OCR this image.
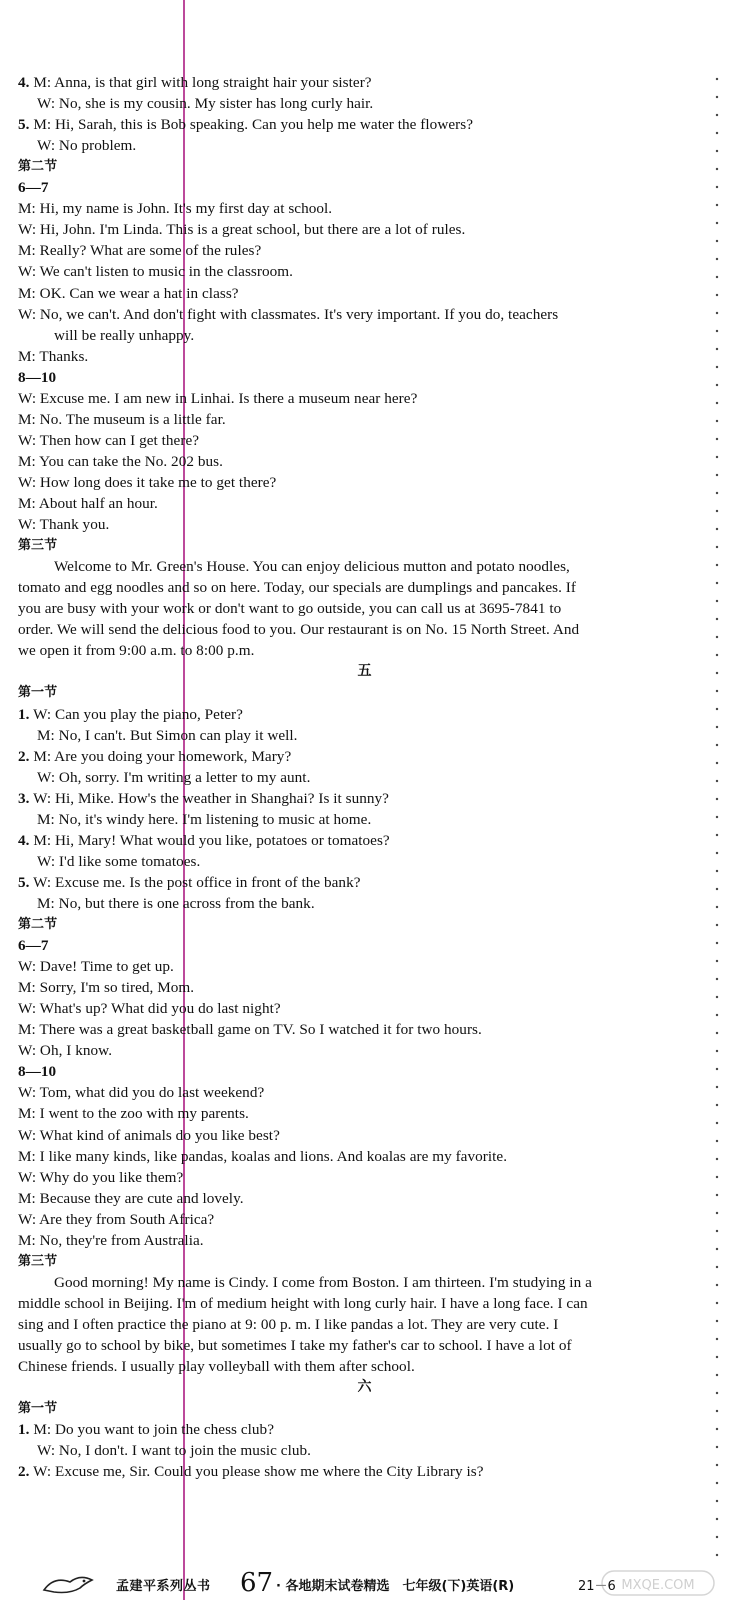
4. M: Anna, is that girl with long straight hair your sister?
W: No, she is my cousin. My sister has long curly hair.
5. M: Hi, Sarah, this is Bob speaking. Can you help me water the flowers?
W: No problem.
第二节
6—7
M: Hi, my name is John. It's my first day at school.
W: Hi, John. I'm Linda. This is a great school, but there are a lot of rules.
M: Really? What are some of the rules?
W: We can't listen to music in the classroom.
M: OK. Can we wear a hat in class?
W: No, we can't. And don't fight with classmates. It's very important. If you do, teachers
will be really unhappy.
M: Thanks.
8—10
W: Excuse me. I am new in Linhai. Is there a museum near here?
M: No. The museum is a little far.
W: Then how can I get there?
M: You can take the No. 202 bus.
W: How long does it take me to get there?
M: About half an hour.
W: Thank you.
第三节
Welcome to Mr. Green's House. You can enjoy delicious mutton and potato noodles,
tomato and egg noodles and so on here. Today, our specials are dumplings and pancakes. If
you are busy with your work or don't want to go outside, you can call us at 3695-7841 to
order. We will send the delicious food to you. Our restaurant is on No. 15 North Street. And
we open it from 9:00 a.m. to 8:00 p.m.
五
第一节
1. W: Can you play the piano, Peter?
M: No, I can't. But Simon can play it well.
2. M: Are you doing your homework, Mary?
W: Oh, sorry. I'm writing a letter to my aunt.
3. W: Hi, Mike. How's the weather in Shanghai? Is it sunny?
M: No, it's windy here. I'm listening to music at home.
4. M: Hi, Mary! What would you like, potatoes or tomatoes?
W: I'd like some tomatoes.
5. W: Excuse me. Is the post office in front of the bank?
M: No, but there is one across from the bank.
第二节
6—7
W: Dave! Time to get up.
M: Sorry, I'm so tired, Mom.
W: What's up? What did you do last night?
M: There was a great basketball game on TV. So I watched it for two hours.
W: Oh, I know.
8—10
W: Tom, what did you do last weekend?
M: I went to the zoo with my parents.
W: What kind of animals do you like best?
M: I like many kinds, like pandas, koalas and lions. And koalas are my favorite.
W: Why do you like them?
M: Because they are cute and lovely.
W: Are they from South Africa?
M: No, they're from Australia.
第三节
Good morning! My name is Cindy. I come from Boston. I am thirteen. I'm studying in a
middle school in Beijing. I'm of medium height with long curly hair. I have a long face. I can
sing and I often practice the piano at 9: 00 p. m. I like pandas a lot. They are very cute. I
usually go to school by bike, but sometimes I take my father's car to school. I have a lot of
Chinese friends. I usually play volleyball with them after school.
六
第一节
1. M: Do you want to join the chess club?
W: No, I don't. I want to join the music club.
2. W: Excuse me, Sir. Could you please show me where the City Library is?
孟建平系列丛书 67 · 各地期末试卷精选　七年级(下)英语(R)	21－6 MXQE.COM
